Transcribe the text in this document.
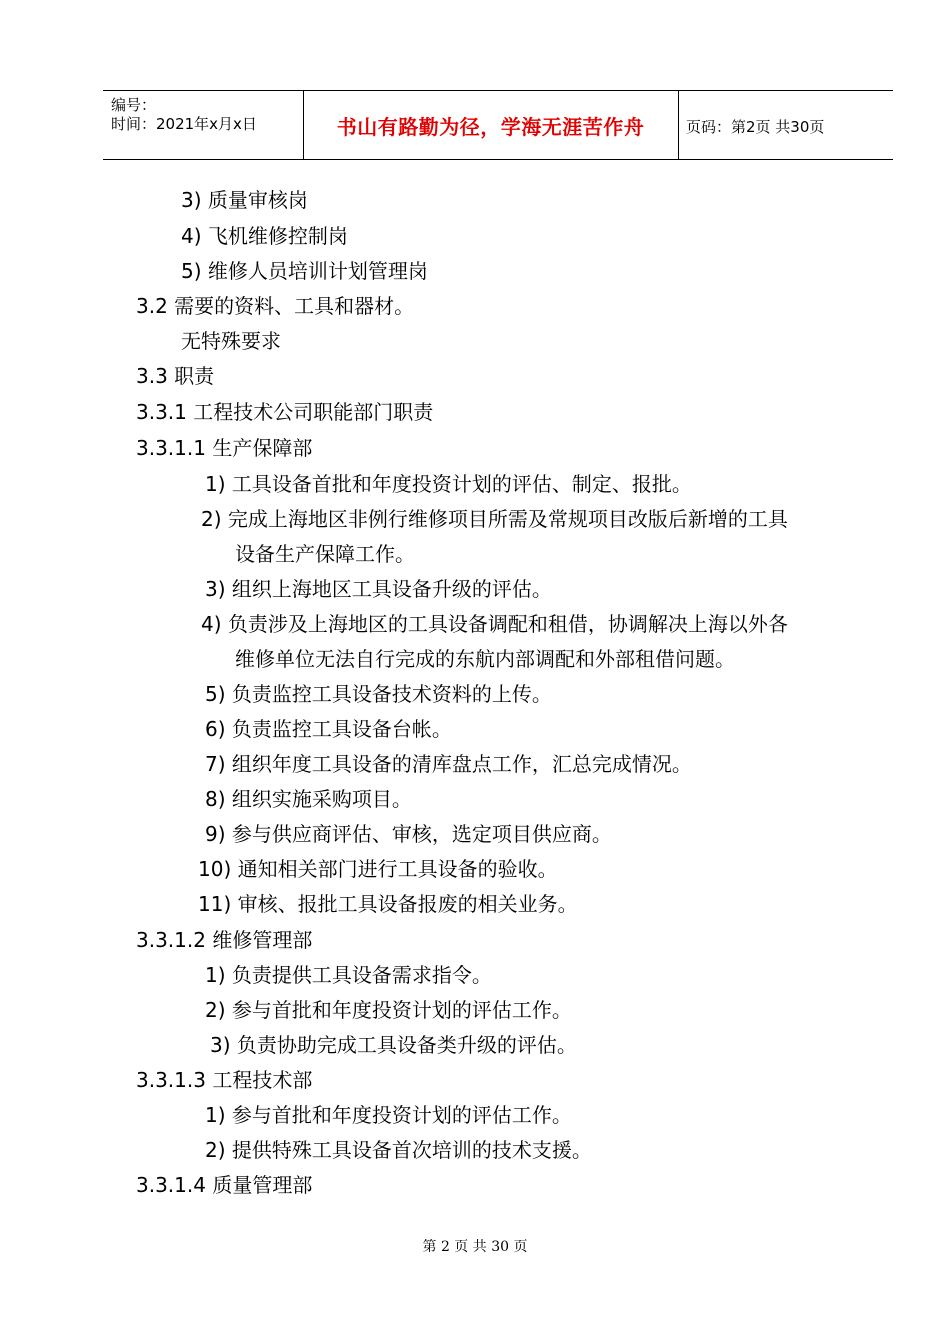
编号：
时间：2021年x月x日	书山有路勤为径，学海无涯苦作舟	页码：第2页 共30页
3) 质量审核岗
4) 飞机维修控制岗
5) 维修人员培训计划管理岗
3.2 需要的资料、工具和器材。
无特殊要求
3.3 职责
3.3.1 工程技术公司职能部门职责
3.3.1.1 生产保障部
1) 工具设备首批和年度投资计划的评估、制定、报批。
2) 完成上海地区非例行维修项目所需及常规项目改版后新增的工具
设备生产保障工作。
3) 组织上海地区工具设备升级的评估。
4) 负责涉及上海地区的工具设备调配和租借，协调解决上海以外各
维修单位无法自行完成的东航内部调配和外部租借问题。
5) 负责监控工具设备技术资料的上传。
6) 负责监控工具设备台帐。
7) 组织年度工具设备的清库盘点工作，汇总完成情况。
8) 组织实施采购项目。
9) 参与供应商评估、审核，选定项目供应商。
10) 通知相关部门进行工具设备的验收。
11) 审核、报批工具设备报废的相关业务。
3.3.1.2 维修管理部
1) 负责提供工具设备需求指令。
2) 参与首批和年度投资计划的评估工作。
3) 负责协助完成工具设备类升级的评估。
3.3.1.3 工程技术部
1) 参与首批和年度投资计划的评估工作。
2) 提供特殊工具设备首次培训的技术支援。
3.3.1.4 质量管理部
第 2 页 共 30 页
